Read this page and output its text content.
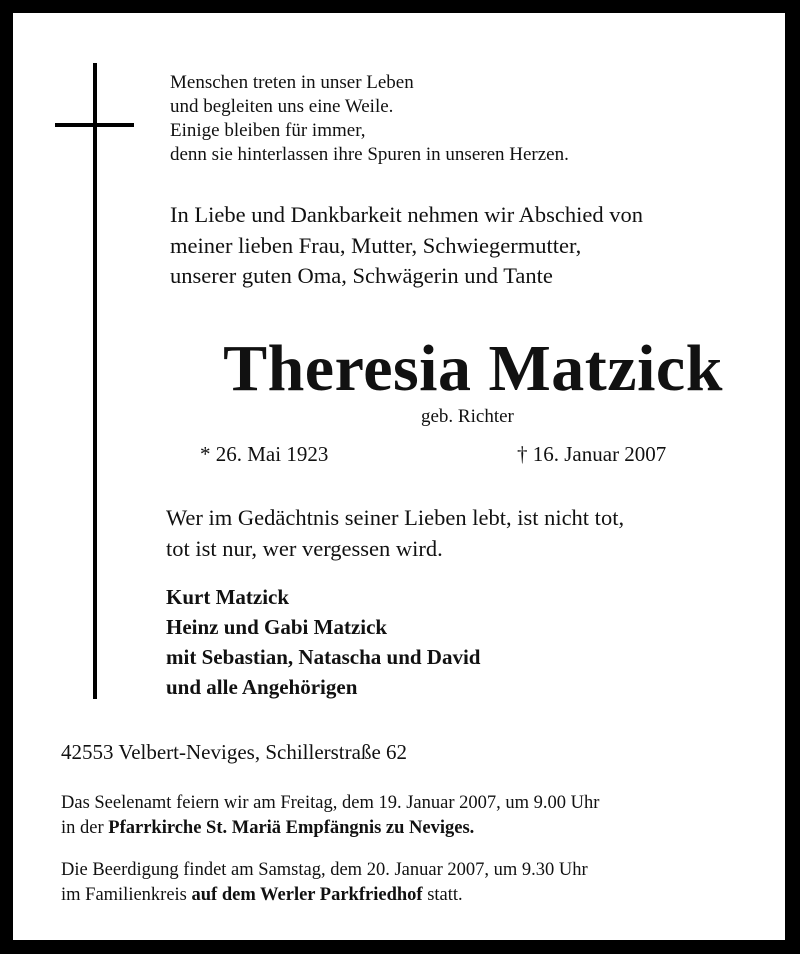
Menschen treten in unser Leben
und begleiten uns eine Weile.
Einige bleiben für immer,
denn sie hinterlassen ihre Spuren in unseren Herzen.
In Liebe und Dankbarkeit nehmen wir Abschied von
meiner lieben Frau, Mutter, Schwiegermutter,
unserer guten Oma, Schwägerin und Tante
Theresia Matzick
geb. Richter
* 26. Mai 1923	† 16. Januar 2007
Wer im Gedächtnis seiner Lieben lebt, ist nicht tot,
tot ist nur, wer vergessen wird.
Kurt Matzick
Heinz und Gabi Matzick
mit Sebastian, Natascha und David
und alle Angehörigen
42553 Velbert-Neviges, Schillerstraße 62
Das Seelenamt feiern wir am Freitag, dem 19. Januar 2007, um 9.00 Uhr
in der Pfarrkirche St. Mariä Empfängnis zu Neviges.
Die Beerdigung findet am Samstag, dem 20. Januar 2007, um 9.30 Uhr
im Familienkreis auf dem Werler Parkfriedhof statt.
